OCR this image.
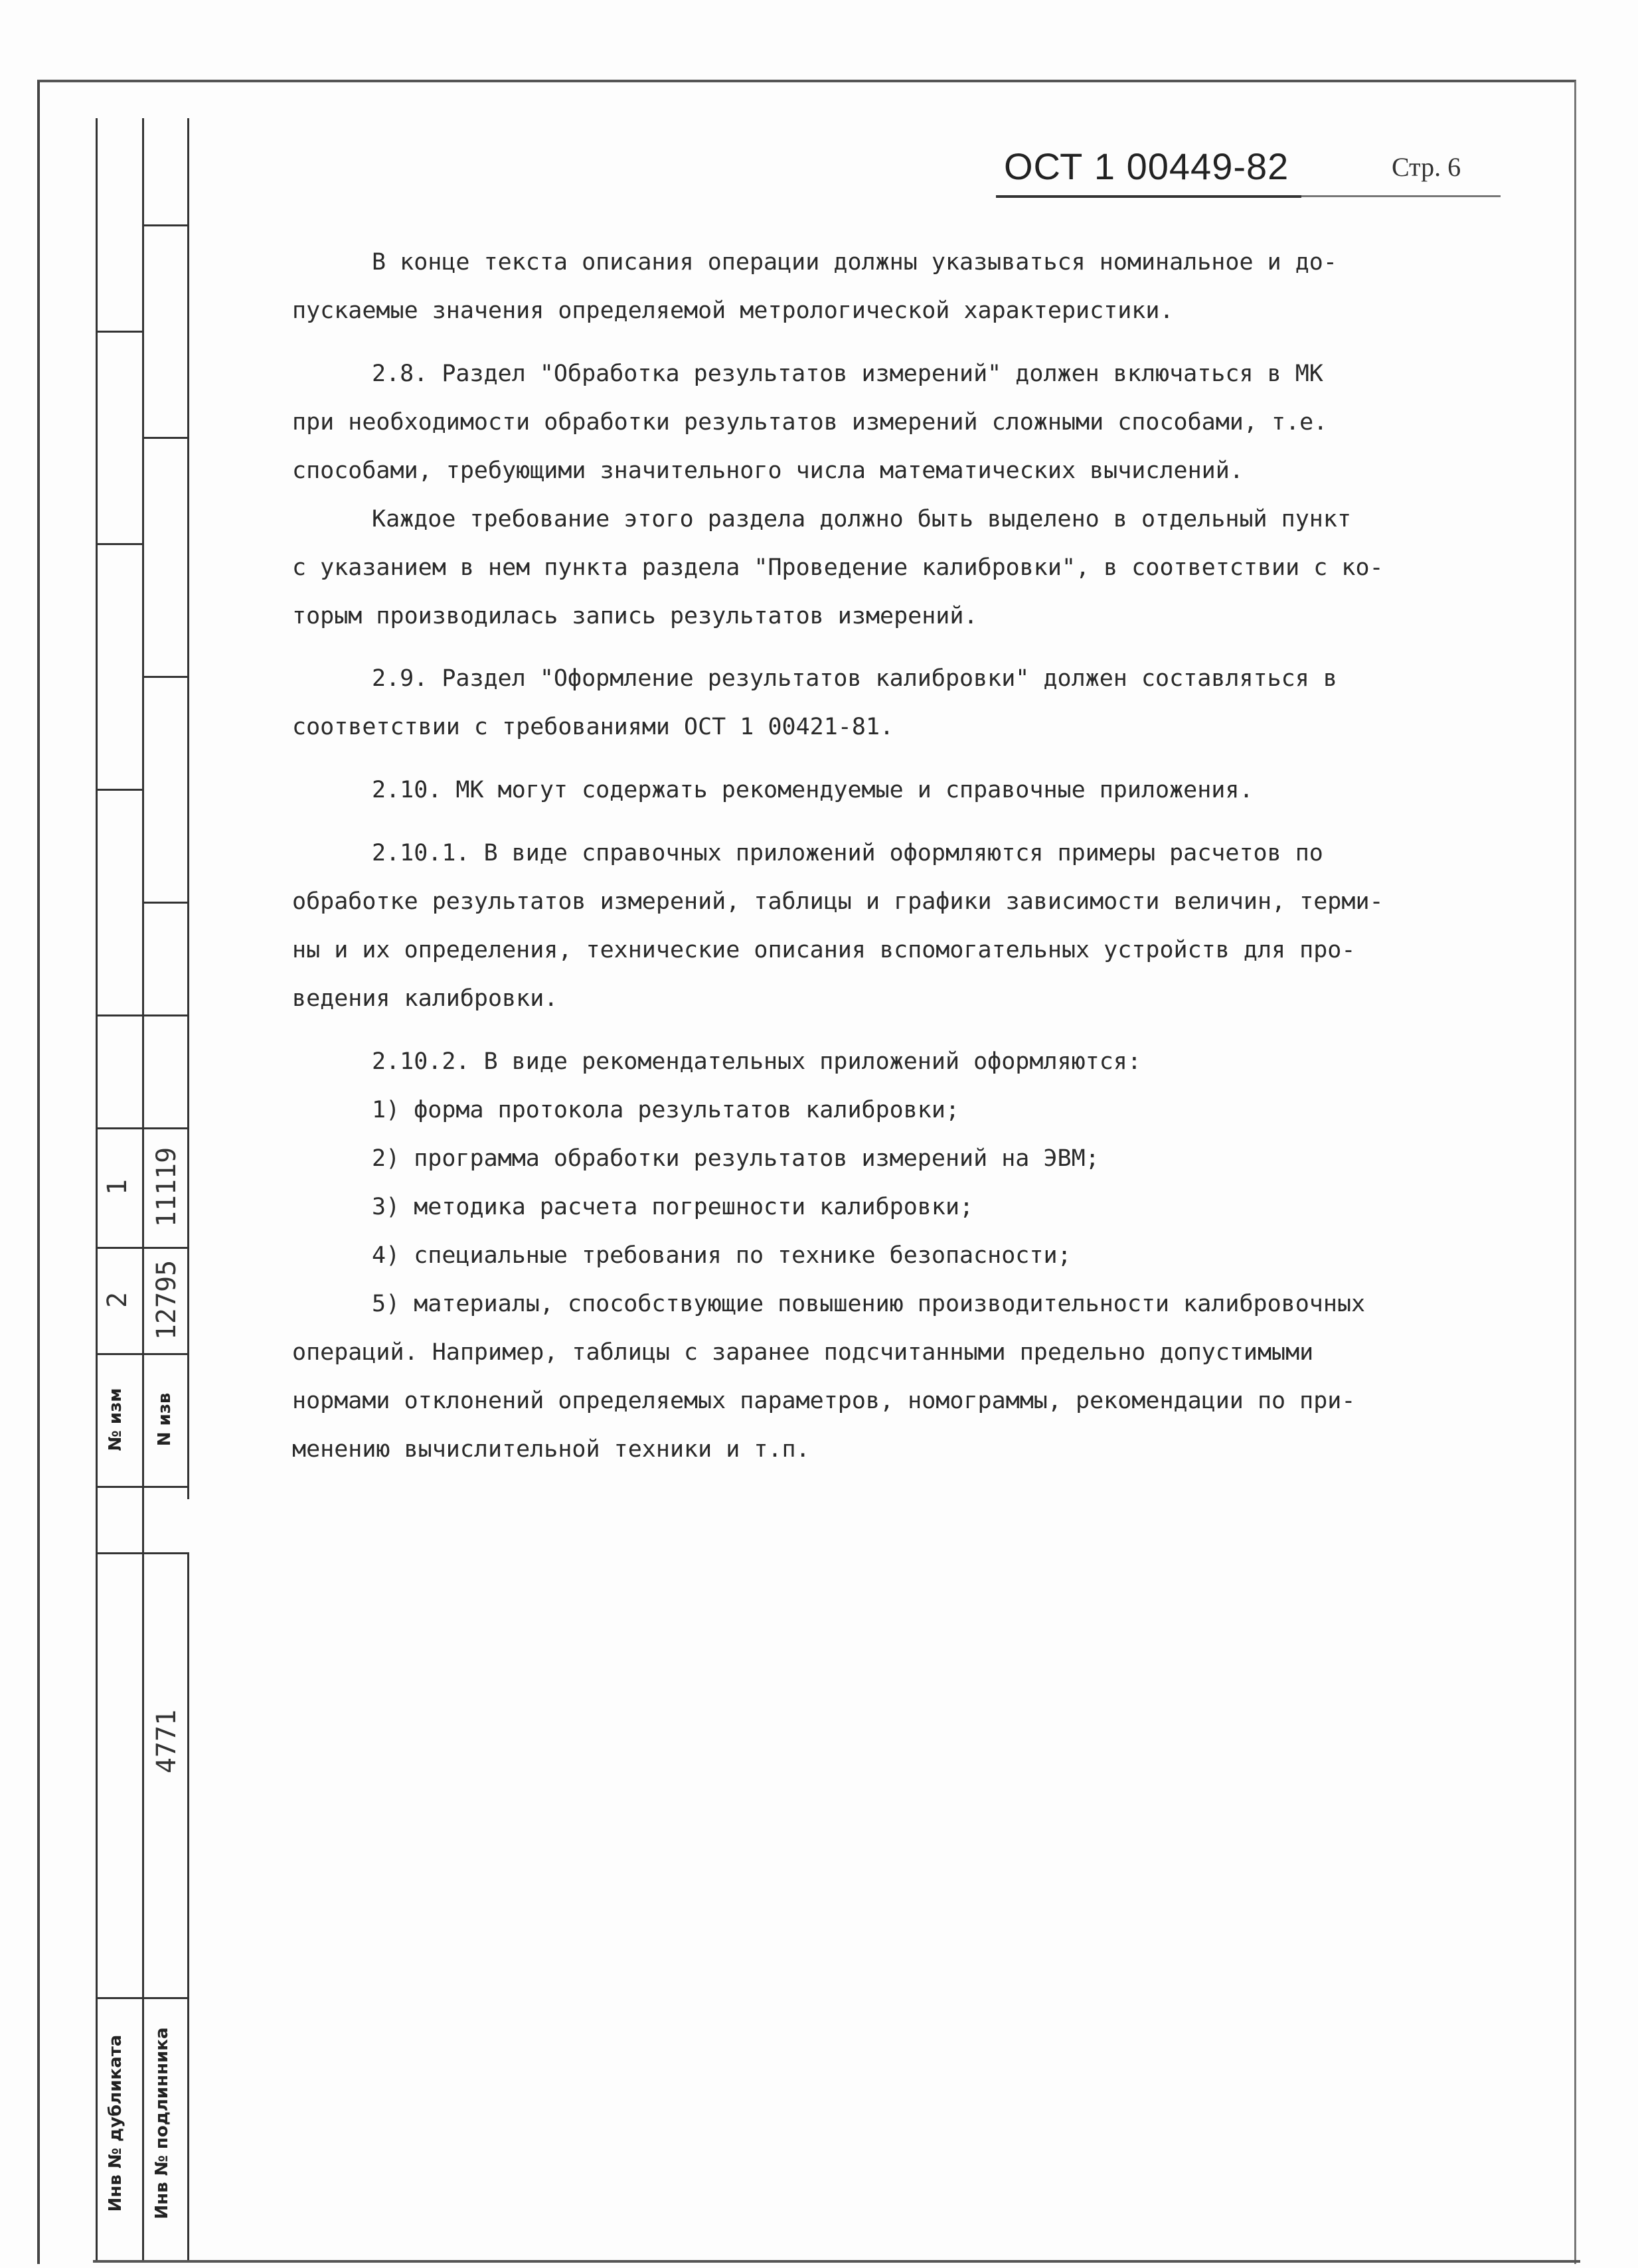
1
2
№ изм
11119
12795
N изв
4771
Инв № дубликата	Инв № подлинника
ОСТ 1 00449-82	Стр. 6
В конце текста описания операции должны указываться номинальное и до-
пускаемые значения определяемой метрологической характеристики.
2.8. Раздел "Обработка результатов измерений" должен включаться в МК
при необходимости обработки результатов измерений сложными способами, т.е.
способами, требующими значительного числа математических вычислений.
Каждое требование этого раздела должно быть выделено в отдельный пункт
с указанием в нем пункта раздела "Проведение калибровки", в соответствии с ко-
торым производилась запись результатов измерений.
2.9. Раздел "Оформление результатов калибровки" должен составляться в
соответствии с требованиями ОСТ 1 00421-81.
2.10. МК могут содержать рекомендуемые и справочные приложения.
2.10.1. В виде справочных приложений оформляются примеры расчетов по
обработке результатов измерений, таблицы и графики зависимости величин, терми-
ны и их определения, технические описания вспомогательных устройств для про-
ведения калибровки.
2.10.2. В виде рекомендательных приложений оформляются:
1) форма протокола результатов калибровки;
2) программа обработки результатов измерений на ЭВМ;
3) методика расчета погрешности калибровки;
4) специальные требования по технике безопасности;
5) материалы, способствующие повышению производительности калибровочных
операций. Например, таблицы с заранее подсчитанными предельно допустимыми
нормами отклонений определяемых параметров, номограммы, рекомендации по при-
менению вычислительной техники и т.п.
